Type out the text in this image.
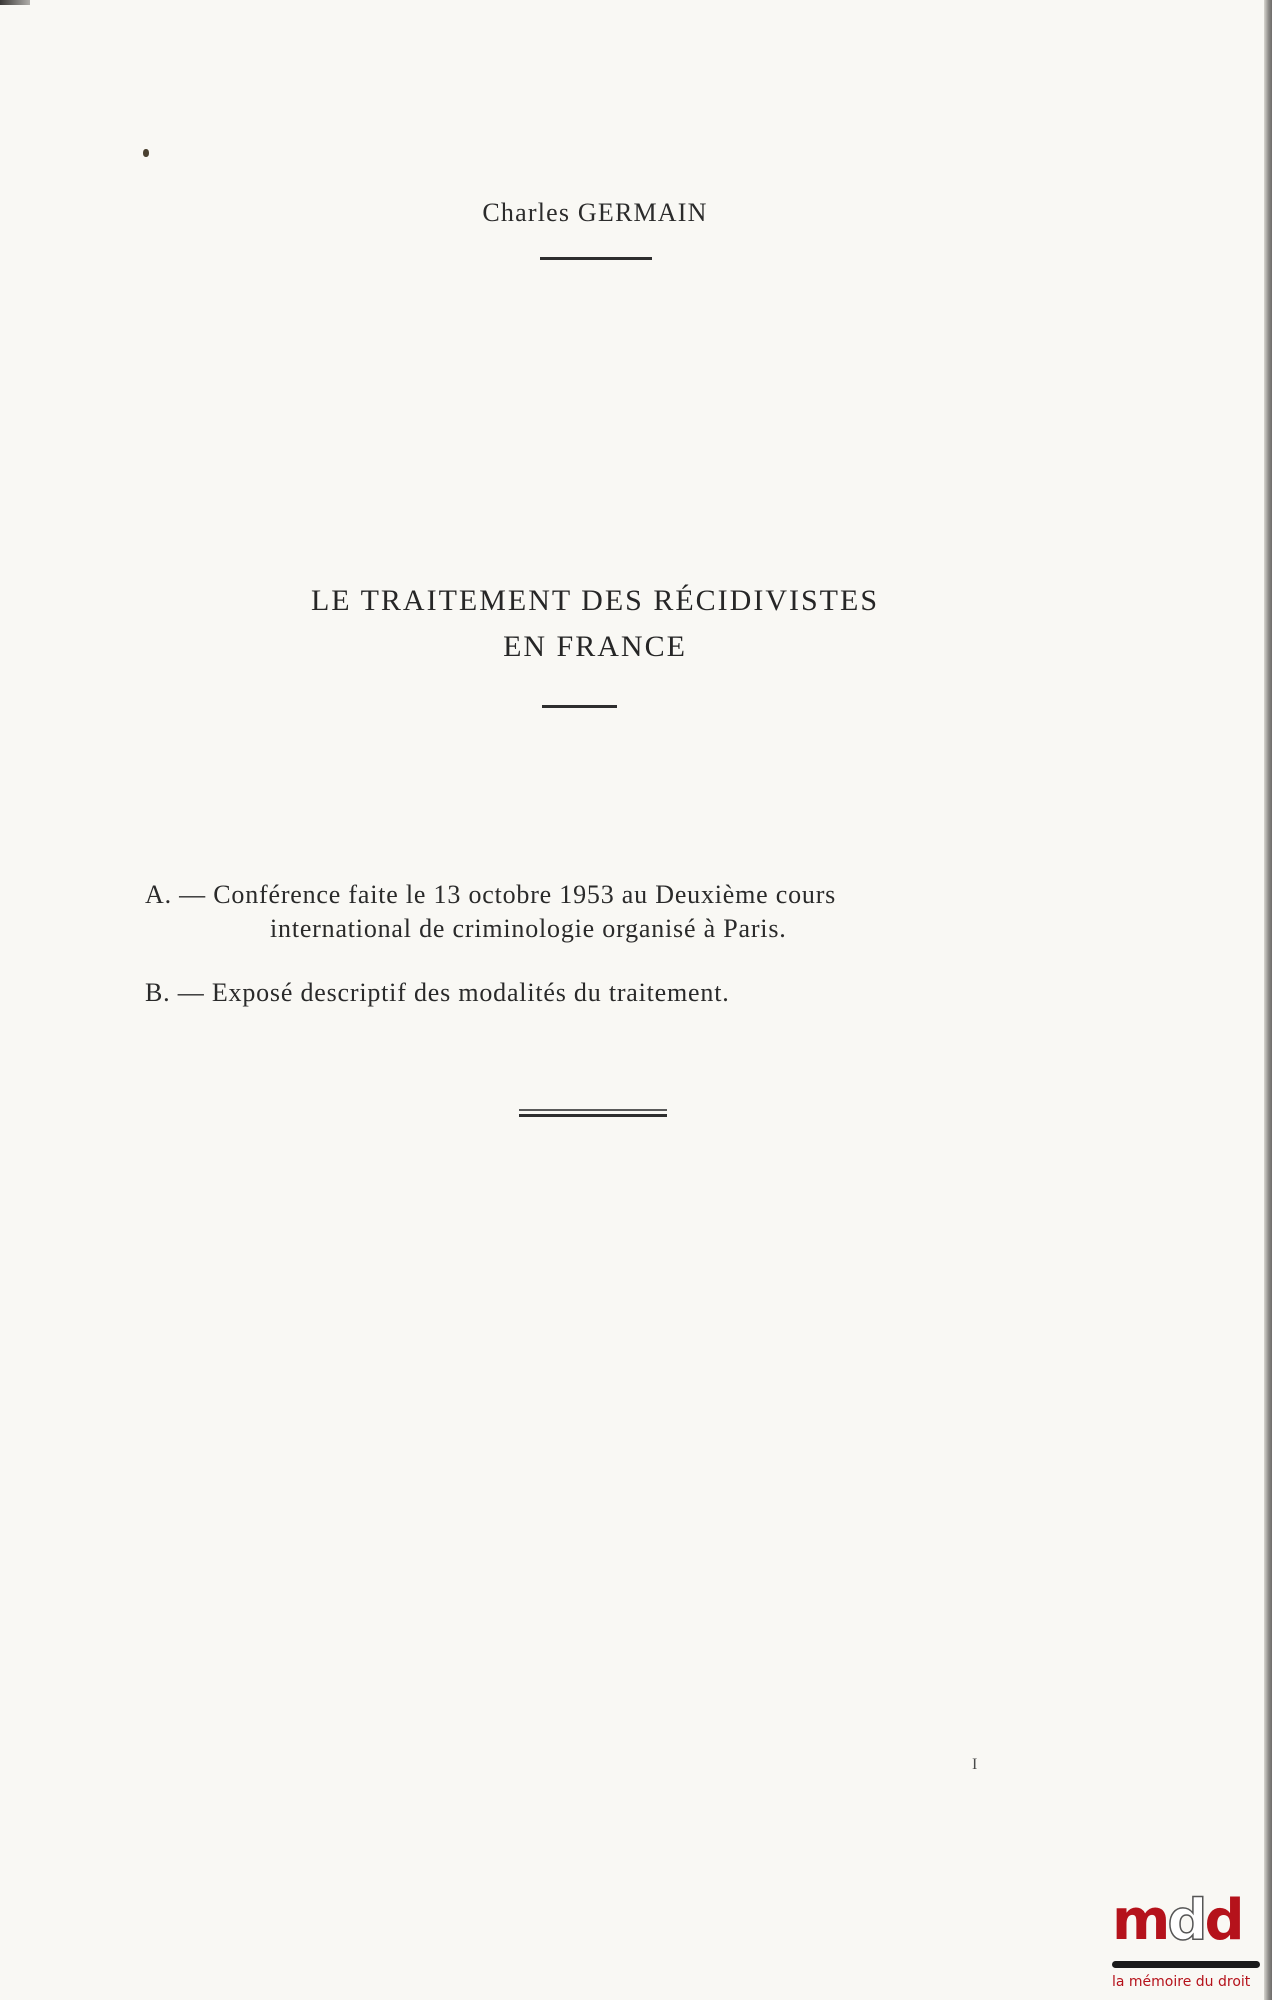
Charles GERMAIN
LE TRAITEMENT DES RÉCIDIVISTES
EN FRANCE
A. — Conférence faite le 13 octobre 1953 au Deuxième cours
international de criminologie organisé à Paris.
B. — Exposé descriptif des modalités du traitement.
I
mdd
la mémoire du droit
